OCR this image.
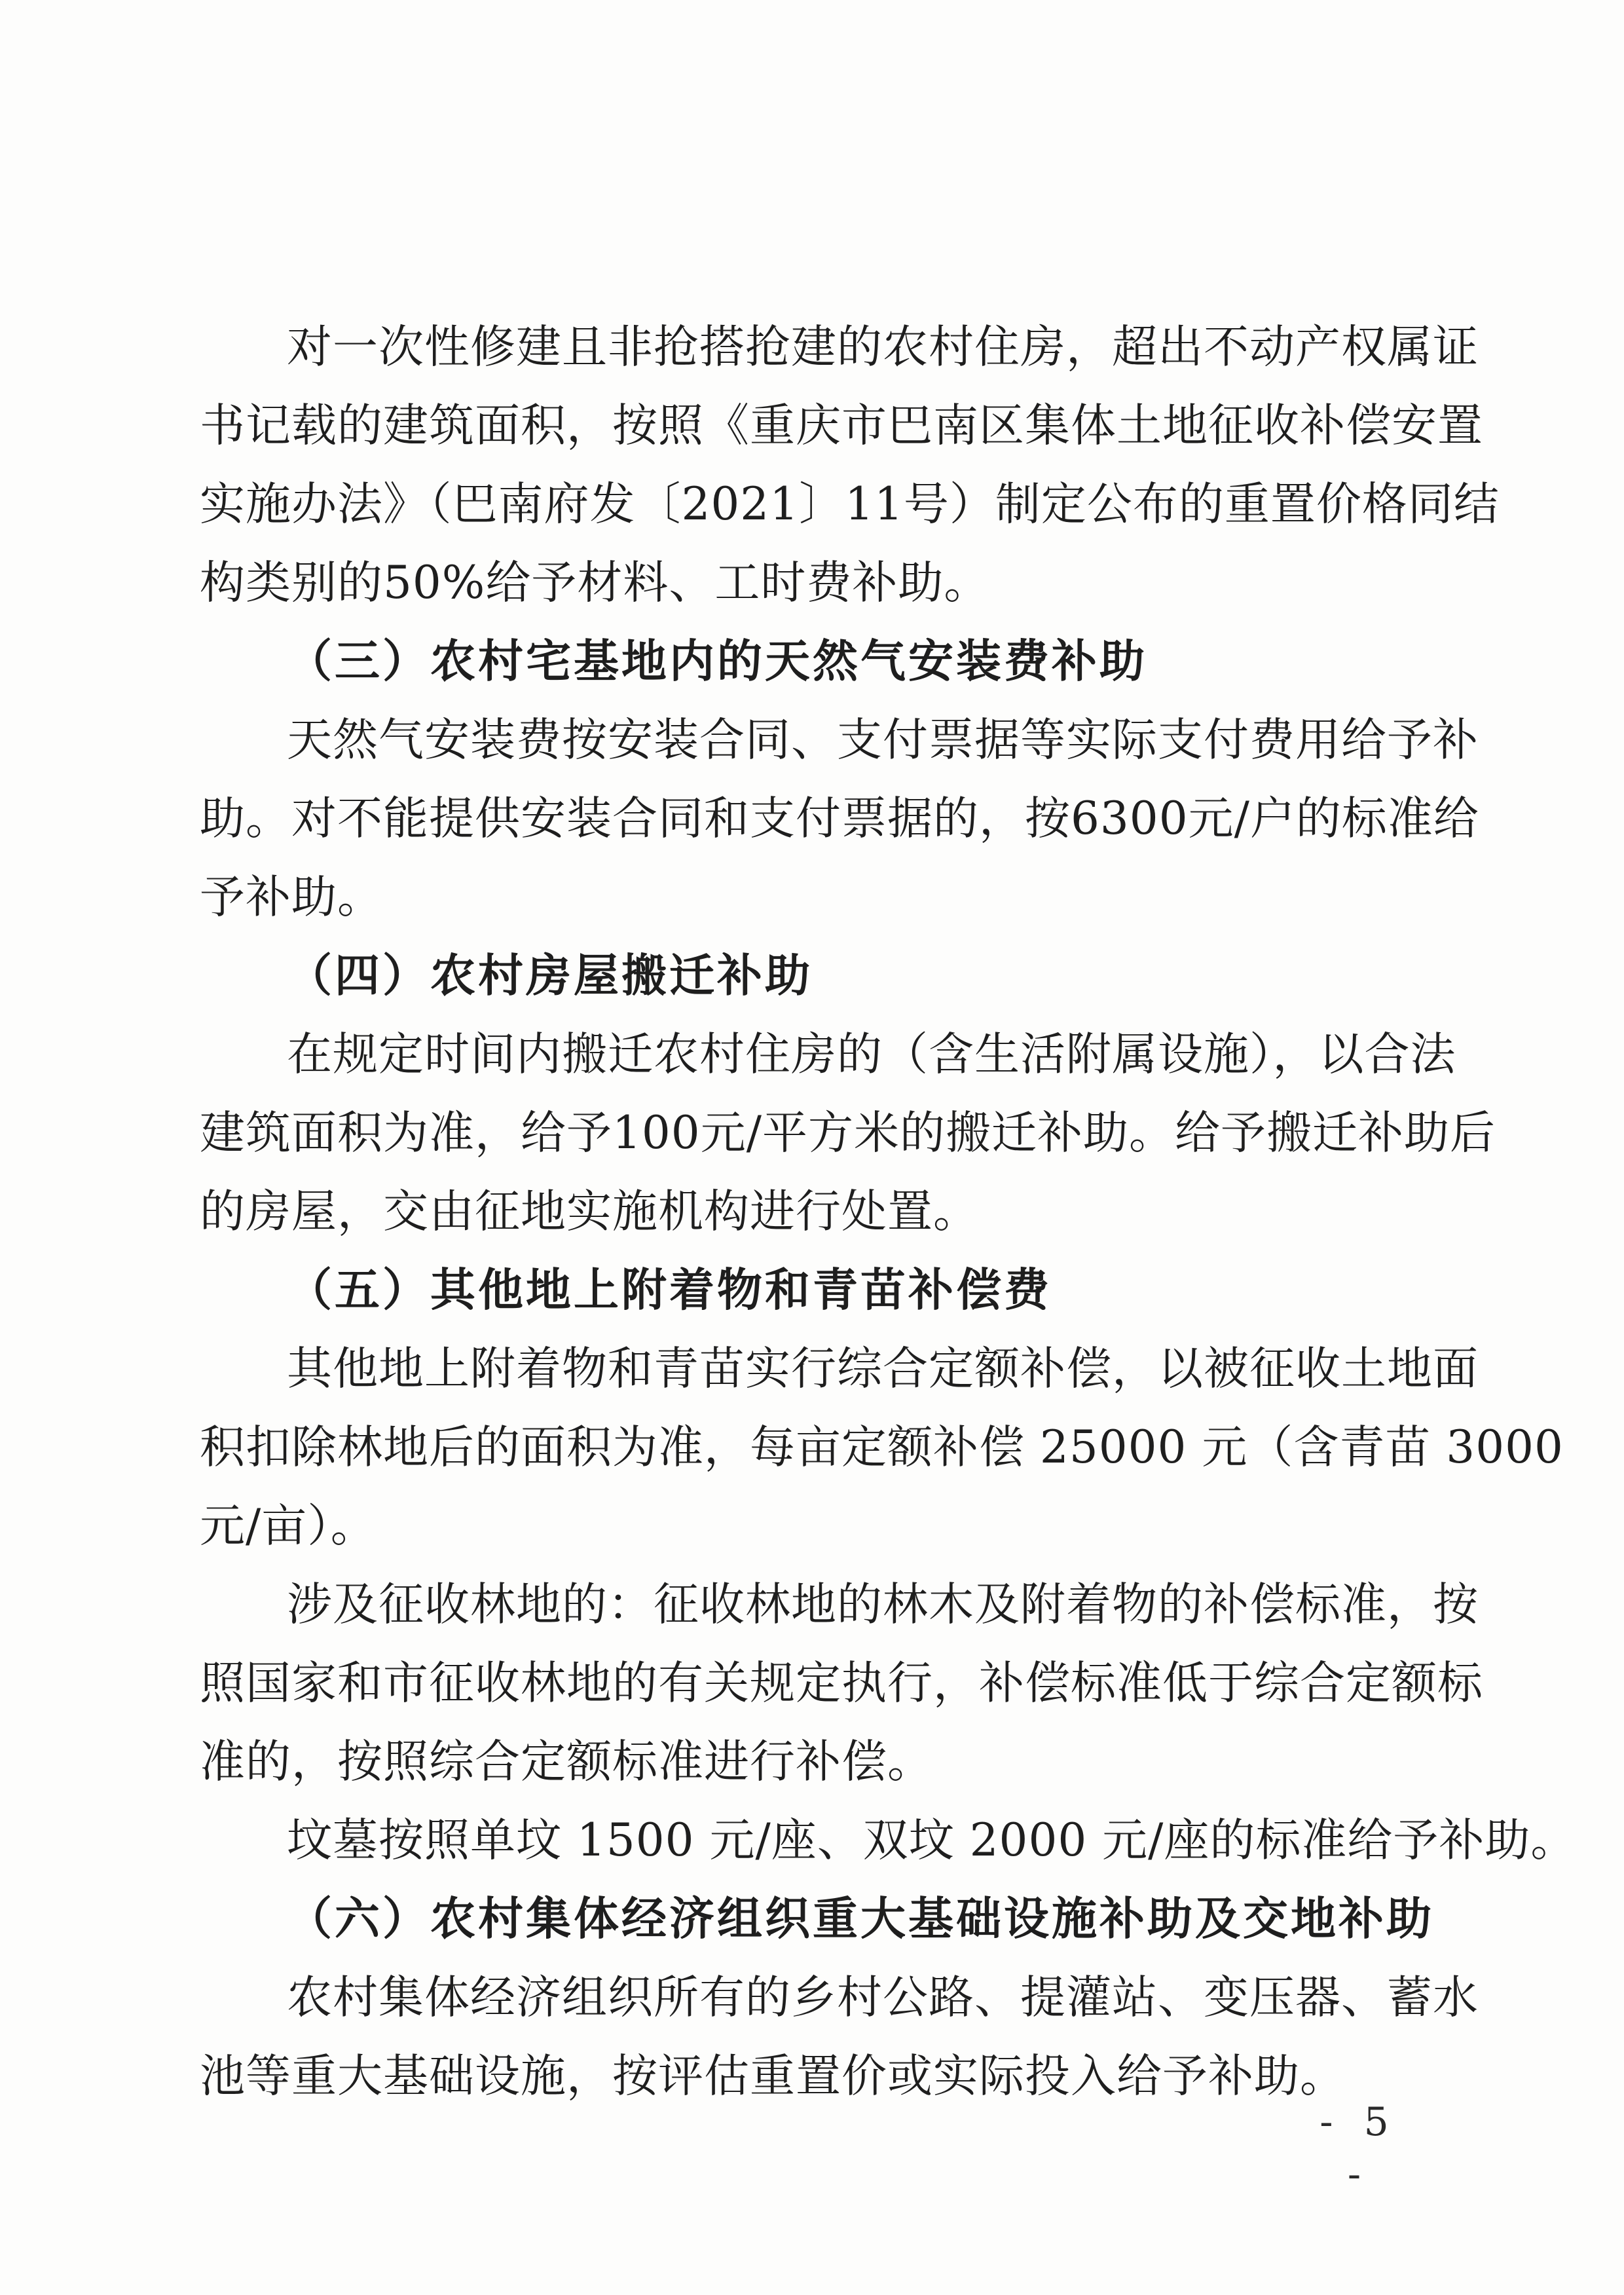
对一次性修建且非抢搭抢建的农村住房，超出不动产权属证
书记载的建筑面积，按照《重庆市巴南区集体土地征收补偿安置
实施办法》（巴南府发〔2021〕11号）制定公布的重置价格同结
构类别的50%给予材料、工时费补助。
（三）农村宅基地内的天然气安装费补助
天然气安装费按安装合同、支付票据等实际支付费用给予补
助。对不能提供安装合同和支付票据的，按6300元/户的标准给
予补助。
（四）农村房屋搬迁补助
在规定时间内搬迁农村住房的（含生活附属设施），以合法
建筑面积为准，给予100元/平方米的搬迁补助。给予搬迁补助后
的房屋，交由征地实施机构进行处置。
（五）其他地上附着物和青苗补偿费
其他地上附着物和青苗实行综合定额补偿，以被征收土地面
积扣除林地后的面积为准，每亩定额补偿 25000 元（含青苗 3000
元/亩）。
涉及征收林地的：征收林地的林木及附着物的补偿标准，按
照国家和市征收林地的有关规定执行，补偿标准低于综合定额标
准的，按照综合定额标准进行补偿。
坟墓按照单坟 1500 元/座、双坟 2000 元/座的标准给予补助。
（六）农村集体经济组织重大基础设施补助及交地补助
农村集体经济组织所有的乡村公路、提灌站、变压器、蓄水
池等重大基础设施，按评估重置价或实际投入给予补助。
- 5 -
